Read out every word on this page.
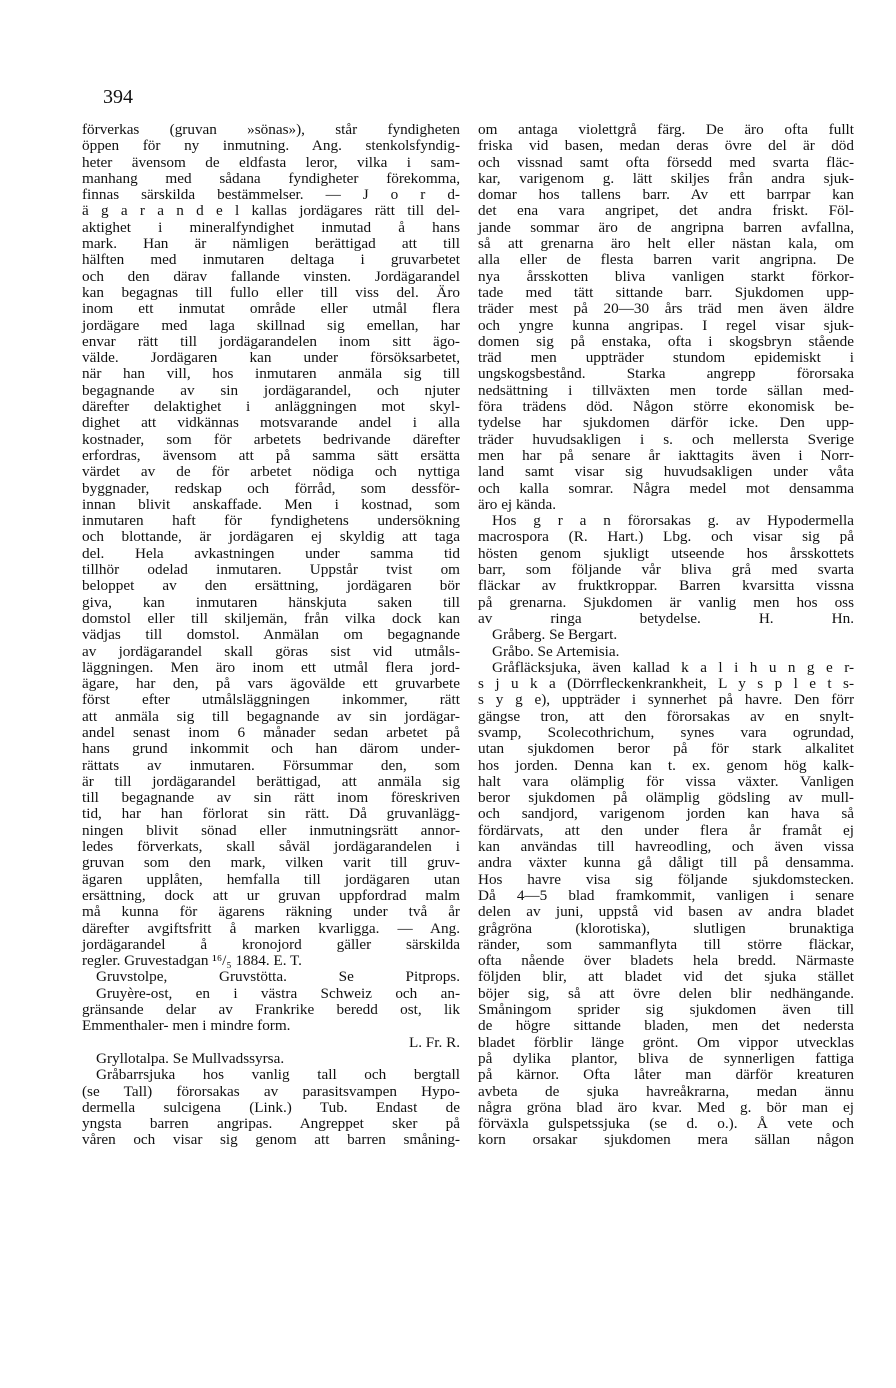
394
förverkas (gruvan »sönas»), står fyndigheten
öppen för ny inmutning. Ang. stenkolsfyndig-
heter ävensom de eldfasta leror, vilka i sam-
manhang med sådana fyndigheter förekomma,
finnas särskilda bestämmelser. — J o r d-
ä g a r a n d e l kallas jordägares rätt till del-
aktighet i mineralfyndighet inmutad å hans
mark. Han är nämligen berättigad att till
hälften med inmutaren deltaga i gruvarbetet
och den därav fallande vinsten. Jordägarandel
kan begagnas till fullo eller till viss del. Äro
inom ett inmutat område eller utmål flera
jordägare med laga skillnad sig emellan, har
envar rätt till jordägarandelen inom sitt ägo-
välde. Jordägaren kan under försöksarbetet,
när han vill, hos inmutaren anmäla sig till
begagnande av sin jordägarandel, och njuter
därefter delaktighet i anläggningen mot skyl-
dighet att vidkännas motsvarande andel i alla
kostnader, som för arbetets bedrivande därefter
erfordras, ävensom att på samma sätt ersätta
värdet av de för arbetet nödiga och nyttiga
byggnader, redskap och förråd, som dessför-
innan blivit anskaffade. Men i kostnad, som
inmutaren haft för fyndighetens undersökning
och blottande, är jordägaren ej skyldig att taga
del. Hela avkastningen under samma tid
tillhör odelad inmutaren. Uppstår tvist om
beloppet av den ersättning, jordägaren bör
giva, kan inmutaren hänskjuta saken till
domstol eller till skiljemän, från vilka dock kan
vädjas till domstol. Anmälan om begagnande
av jordägarandel skall göras sist vid utmåls-
läggningen. Men äro inom ett utmål flera jord-
ägare, har den, på vars ägovälde ett gruvarbete
först efter utmålsläggningen inkommer, rätt
att anmäla sig till begagnande av sin jordägar-
andel senast inom 6 månader sedan arbetet på
hans grund inkommit och han därom under-
rättats av inmutaren. Försummar den, som
är till jordägarandel berättigad, att anmäla sig
till begagnande av sin rätt inom föreskriven
tid, har han förlorat sin rätt. Då gruvanlägg-
ningen blivit sönad eller inmutningsrätt annor-
ledes förverkats, skall såväl jordägarandelen i
gruvan som den mark, vilken varit till gruv-
ägaren upplåten, hemfalla till jordägaren utan
ersättning, dock att ur gruvan uppfordrad malm
må kunna för ägarens räkning under två år
därefter avgiftsfritt å marken kvarligga. — Ang.
jordägarandel å kronojord gäller särskilda
regler. Gruvestadgan ¹⁶/₅ 1884. E. T.
Gruvstolpe, Gruvstötta. Se Pitprops.
Gruyère-ost, en i västra Schweiz och an-
gränsande delar av Frankrike beredd ost, lik
Emmenthaler- men i mindre form.
L. Fr. R.
Gryllotalpa. Se Mullvadssyrsa.
Gråbarrsjuka hos vanlig tall och bergtall
(se Tall) förorsakas av parasitsvampen Hypo-
dermella sulcigena (Link.) Tub. Endast de
yngsta barren angripas. Angreppet sker på
våren och visar sig genom att barren småning-
om antaga violettgrå färg. De äro ofta fullt
friska vid basen, medan deras övre del är död
och vissnad samt ofta försedd med svarta fläc-
kar, varigenom g. lätt skiljes från andra sjuk-
domar hos tallens barr. Av ett barrpar kan
det ena vara angripet, det andra friskt. Föl-
jande sommar äro de angripna barren avfallna,
så att grenarna äro helt eller nästan kala, om
alla eller de flesta barren varit angripna. De
nya årsskotten bliva vanligen starkt förkor-
tade med tätt sittande barr. Sjukdomen upp-
träder mest på 20—30 års träd men även äldre
och yngre kunna angripas. I regel visar sjuk-
domen sig på enstaka, ofta i skogsbryn stående
träd men uppträder stundom epidemiskt i
ungskogsbestånd. Starka angrepp förorsaka
nedsättning i tillväxten men torde sällan med-
föra trädens död. Någon större ekonomisk be-
tydelse har sjukdomen därför icke. Den upp-
träder huvudsakligen i s. och mellersta Sverige
men har på senare år iakttagits även i Norr-
land samt visar sig huvudsakligen under våta
och kalla somrar. Några medel mot densamma
äro ej kända.
Hos g r a n förorsakas g. av Hypodermella
macrospora (R. Hart.) Lbg. och visar sig på
hösten genom sjukligt utseende hos årsskottets
barr, som följande vår bliva grå med svarta
fläckar av fruktkroppar. Barren kvarsitta vissna
på grenarna. Sjukdomen är vanlig men hos oss
av ringa betydelse. H. Hn.
Gråberg. Se Bergart.
Gråbo. Se Artemisia.
Gråfläcksjuka, även kallad k a l i h u n g e r-
s j u k a (Dörrfleckenkrankheit, L y s p l e t s-
s y g e), uppträder i synnerhet på havre. Den förr
gängse tron, att den förorsakas av en snylt-
svamp, Scolecothrichum, synes vara ogrundad,
utan sjukdomen beror på för stark alkalitet
hos jorden. Denna kan t. ex. genom hög kalk-
halt vara olämplig för vissa växter. Vanligen
beror sjukdomen på olämplig gödsling av mull-
och sandjord, varigenom jorden kan hava så
fördärvats, att den under flera år framåt ej
kan användas till havreodling, och även vissa
andra växter kunna gå dåligt till på densamma.
Hos havre visa sig följande sjukdomstecken.
Då 4—5 blad framkommit, vanligen i senare
delen av juni, uppstå vid basen av andra bladet
grågröna (klorotiska), slutligen brunaktiga
ränder, som sammanflyta till större fläckar,
ofta nående över bladets hela bredd. Närmaste
följden blir, att bladet vid det sjuka stället
böjer sig, så att övre delen blir nedhängande.
Småningom sprider sig sjukdomen även till
de högre sittande bladen, men det nedersta
bladet förblir länge grönt. Om vippor utvecklas
på dylika plantor, bliva de synnerligen fattiga
på kärnor. Ofta låter man därför kreaturen
avbeta de sjuka havreåkrarna, medan ännu
några gröna blad äro kvar. Med g. bör man ej
förväxla gulspetssjuka (se d. o.). Å vete och
korn orsakar sjukdomen mera sällan någon
